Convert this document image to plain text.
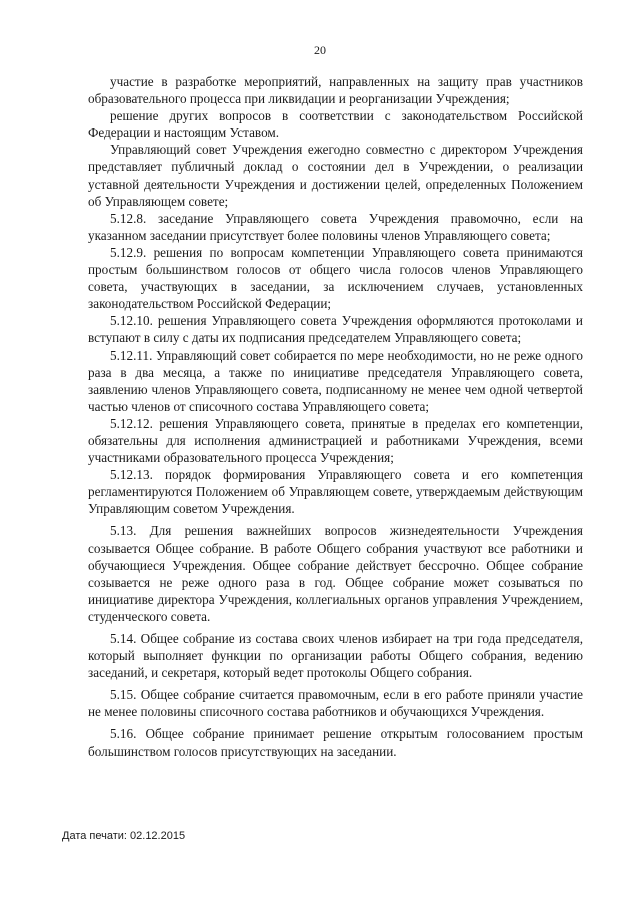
20

участие в разработке мероприятий, направленных на защиту прав участников образовательного процесса при ликвидации и реорганизации Учреждения;

решение других вопросов в соответствии с законодательством Российской Федерации и настоящим Уставом.

Управляющий совет Учреждения ежегодно совместно с директором Учреждения представляет публичный доклад о состоянии дел в Учреждении, о реализации уставной деятельности Учреждения и достижении целей, определенных Положением об Управляющем совете;

5.12.8. заседание Управляющего совета Учреждения правомочно, если на указанном заседании присутствует более половины членов Управляющего совета;

5.12.9. решения по вопросам компетенции Управляющего совета принимаются простым большинством голосов от общего числа голосов членов Управляющего совета, участвующих в заседании, за исключением случаев, установленных законодательством Российской Федерации;

5.12.10. решения Управляющего совета Учреждения оформляются протоколами и вступают в силу с даты их подписания председателем Управляющего совета;

5.12.11. Управляющий совет собирается по мере необходимости, но не реже одного раза в два месяца, а также по инициативе председателя Управляющего совета, заявлению членов Управляющего совета, подписанному не менее чем одной четвертой частью членов от списочного состава Управляющего совета;

5.12.12. решения Управляющего совета, принятые в пределах его компетенции, обязательны для исполнения администрацией и работниками Учреждения, всеми участниками образовательного процесса Учреждения;

5.12.13. порядок формирования Управляющего совета и его компетенция регламентируются Положением об Управляющем совете, утверждаемым действующим Управляющим советом Учреждения.

5.13. Для решения важнейших вопросов жизнедеятельности Учреждения созывается Общее собрание. В работе Общего собрания участвуют все работники и обучающиеся Учреждения. Общее собрание действует бессрочно. Общее собрание созывается не реже одного раза в год. Общее собрание может созываться по инициативе директора Учреждения, коллегиальных органов управления Учреждением, студенческого совета.

5.14. Общее собрание из состава своих членов избирает на три года председателя, который выполняет функции по организации работы Общего собрания, ведению заседаний, и секретаря, который ведет протоколы Общего собрания.

5.15. Общее собрание считается правомочным, если в его работе приняли участие не менее половины списочного состава работников и обучающихся Учреждения.

5.16. Общее собрание принимает решение открытым голосованием простым большинством голосов присутствующих на заседании.

Дата печати: 02.12.2015
